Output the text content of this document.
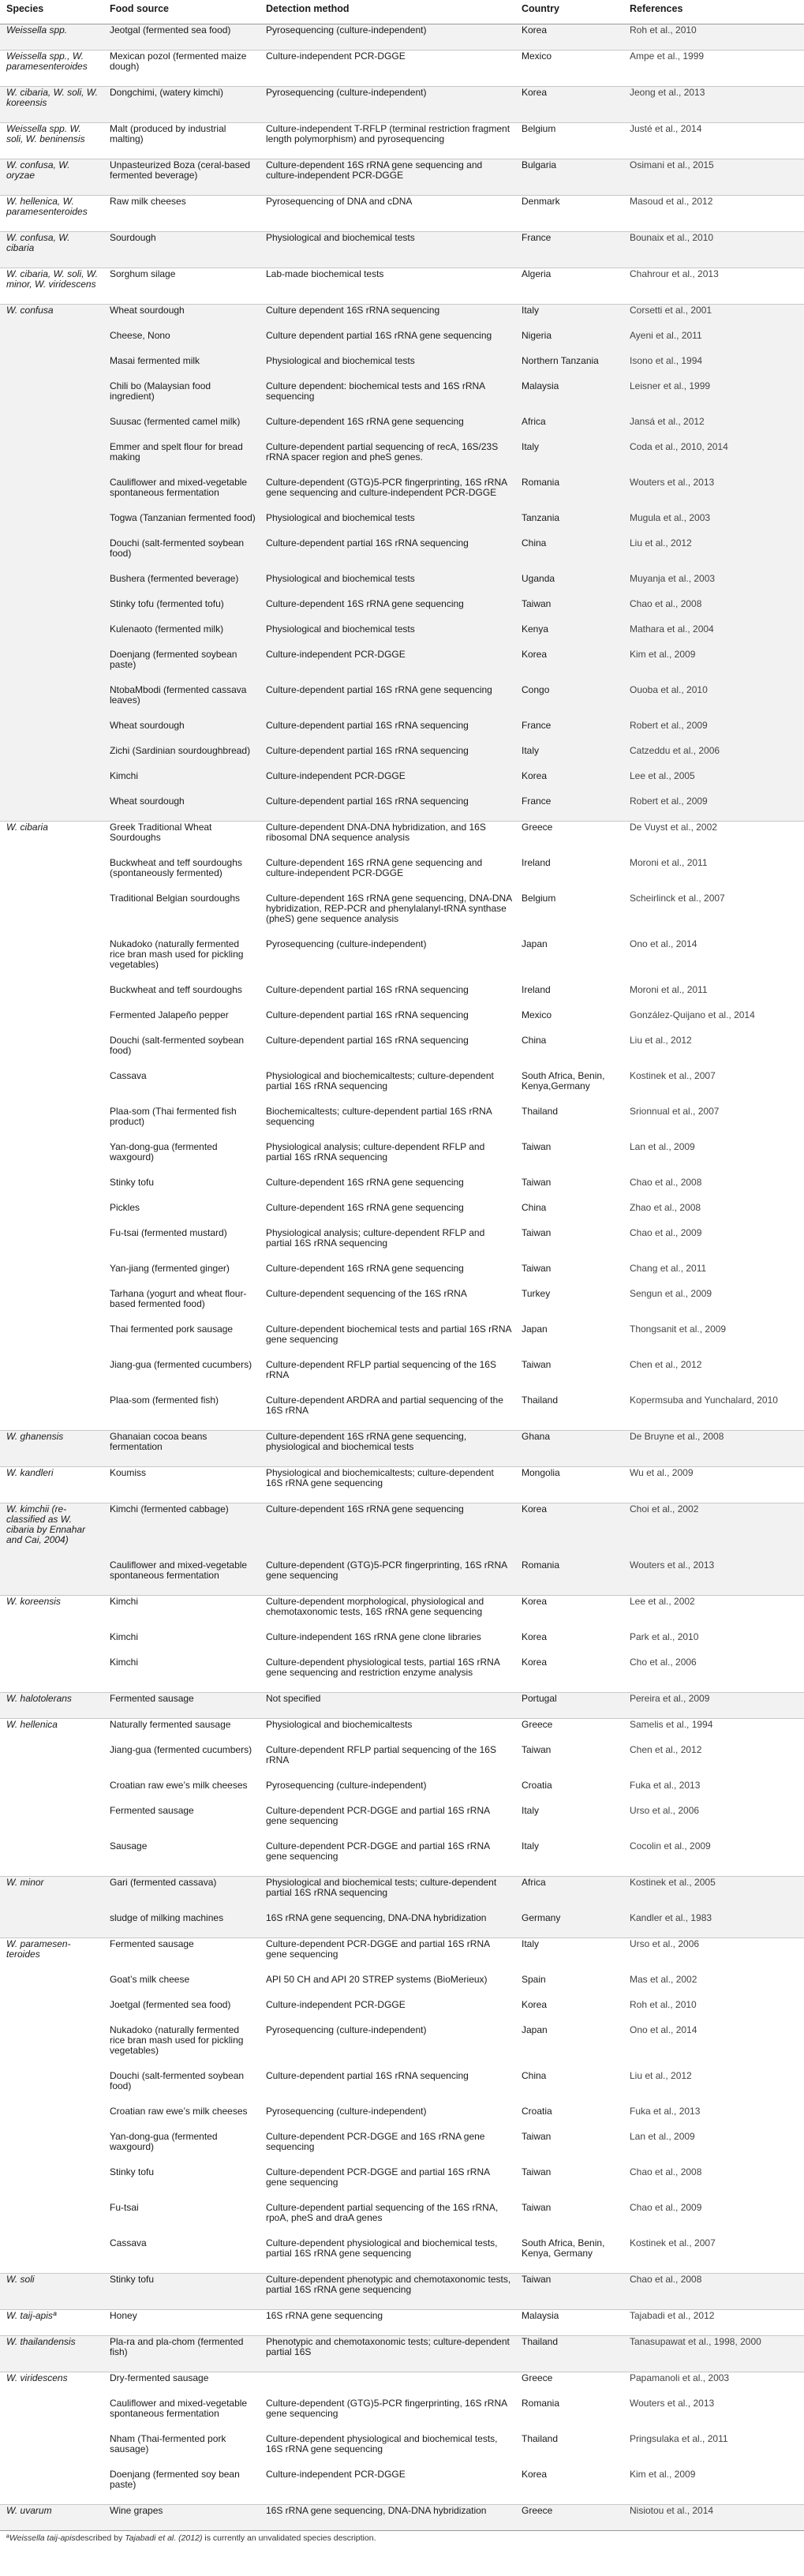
Species	Food source	Detection method	Country	References
Weissella spp.	Jeotgal (fermented sea food)	Pyrosequencing (culture-independent)	Korea	Roh et al., 2010
Weissella spp., W. paramesenteroides	Mexican pozol (fermented maize dough)	Culture-independent PCR-DGGE	Mexico	Ampe et al., 1999
W. cibaria, W. soli, W. koreensis	Dongchimi, (watery kimchi)	Pyrosequencing (culture-independent)	Korea	Jeong et al., 2013
Weissella spp. W. soli, W. beninensis	Malt (produced by industrial malting)	Culture-independent T-RFLP (terminal restriction fragment length polymorphism) and pyrosequencing	Belgium	Justé et al., 2014
W. confusa, W. oryzae	Unpasteurized Boza (ceral-based fermented beverage)	Culture-dependent 16S rRNA gene sequencing and culture-independent PCR-DGGE	Bulgaria	Osimani et al., 2015
W. hellenica, W. paramesenteroides	Raw milk cheeses	Pyrosequencing of DNA and cDNA	Denmark	Masoud et al., 2012
W. confusa, W. cibaria	Sourdough	Physiological and biochemical tests	France	Bounaix et al., 2010
W. cibaria, W. soli, W. minor, W. viridescens	Sorghum silage	Lab-made biochemical tests	Algeria	Chahrour et al., 2013
W. confusa	Wheat sourdough	Culture dependent 16S rRNA sequencing	Italy	Corsetti et al., 2001
	Cheese, Nono	Culture dependent partial 16S rRNA gene sequencing	Nigeria	Ayeni et al., 2011
	Masai fermented milk	Physiological and biochemical tests	Northern Tanzania	Isono et al., 1994
	Chili bo (Malaysian food ingredient)	Culture dependent: biochemical tests and 16S rRNA sequencing	Malaysia	Leisner et al., 1999
	Suusac (fermented camel milk)	Culture-dependent 16S rRNA gene sequencing	Africa	Jansá et al., 2012
	Emmer and spelt flour for bread making	Culture-dependent partial sequencing of recA, 16S/23S rRNA spacer region and pheS genes.	Italy	Coda et al., 2010, 2014
	Cauliflower and mixed-vegetable spontaneous fermentation	Culture-dependent (GTG)5-PCR fingerprinting, 16S rRNA gene sequencing and culture-independent PCR-DGGE	Romania	Wouters et al., 2013
	Togwa (Tanzanian fermented food)	Physiological and biochemical tests	Tanzania	Mugula et al., 2003
	Douchi (salt-fermented soybean food)	Culture-dependent partial 16S rRNA sequencing	China	Liu et al., 2012
	Bushera (fermented beverage)	Physiological and biochemical tests	Uganda	Muyanja et al., 2003
	Stinky tofu (fermented tofu)	Culture-dependent 16S rRNA gene sequencing	Taiwan	Chao et al., 2008
	Kulenaoto (fermented milk)	Physiological and biochemical tests	Kenya	Mathara et al., 2004
	Doenjang (fermented soybean paste)	Culture-independent PCR-DGGE	Korea	Kim et al., 2009
	NtobaMbodi (fermented cassava leaves)	Culture-dependent partial 16S rRNA gene sequencing	Congo	Ouoba et al., 2010
	Wheat sourdough	Culture-dependent partial 16S rRNA sequencing	France	Robert et al., 2009
	Zichi (Sardinian sourdoughbread)	Culture-dependent partial 16S rRNA sequencing	Italy	Catzeddu et al., 2006
	Kimchi	Culture-independent PCR-DGGE	Korea	Lee et al., 2005
	Wheat sourdough	Culture-dependent partial 16S rRNA sequencing	France	Robert et al., 2009
W. cibaria	Greek Traditional Wheat Sourdoughs	Culture-dependent DNA-DNA hybridization, and 16S ribosomal DNA sequence analysis	Greece	De Vuyst et al., 2002
	Buckwheat and teff sourdoughs (spontaneously fermented)	Culture-dependent 16S rRNA gene sequencing and culture-independent PCR-DGGE	Ireland	Moroni et al., 2011
	Traditional Belgian sourdoughs	Culture-dependent 16S rRNA gene sequencing, DNA-DNA hybridization, REP-PCR and phenylalanyl-tRNA synthase (pheS) gene sequence analysis	Belgium	Scheirlinck et al., 2007
	Nukadoko (naturally fermented rice bran mash used for pickling vegetables)	Pyrosequencing (culture-independent)	Japan	Ono et al., 2014
	Buckwheat and teff sourdoughs	Culture-dependent partial 16S rRNA sequencing	Ireland	Moroni et al., 2011
	Fermented Jalapeño pepper	Culture-dependent partial 16S rRNA sequencing	Mexico	González-Quijano et al., 2014
	Douchi (salt-fermented soybean food)	Culture-dependent partial 16S rRNA sequencing	China	Liu et al., 2012
	Cassava	Physiological and biochemicaltests; culture-dependent partial 16S rRNA sequencing	South Africa, Benin, Kenya,Germany	Kostinek et al., 2007
	Plaa-som (Thai fermented fish product)	Biochemicaltests; culture-dependent partial 16S rRNA sequencing	Thailand	Srionnual et al., 2007
	Yan-dong-gua (fermented waxgourd)	Physiological analysis; culture-dependent RFLP and partial 16S rRNA sequencing	Taiwan	Lan et al., 2009
	Stinky tofu	Culture-dependent 16S rRNA gene sequencing	Taiwan	Chao et al., 2008
	Pickles	Culture-dependent 16S rRNA gene sequencing	China	Zhao et al., 2008
	Fu-tsai (fermented mustard)	Physiological analysis; culture-dependent RFLP and partial 16S rRNA sequencing	Taiwan	Chao et al., 2009
	Yan-jiang (fermented ginger)	Culture-dependent 16S rRNA gene sequencing	Taiwan	Chang et al., 2011
	Tarhana (yogurt and wheat flour-based fermented food)	Culture-dependent sequencing of the 16S rRNA	Turkey	Sengun et al., 2009
	Thai fermented pork sausage	Culture-dependent biochemical tests and partial 16S rRNA gene sequencing	Japan	Thongsanit et al., 2009
	Jiang-gua (fermented cucumbers)	Culture-dependent RFLP partial sequencing of the 16S rRNA	Taiwan	Chen et al., 2012
	Plaa-som (fermented fish)	Culture-dependent ARDRA and partial sequencing of the 16S rRNA	Thailand	Kopermsuba and Yunchalard, 2010
W. ghanensis	Ghanaian cocoa beans fermentation	Culture-dependent 16S rRNA gene sequencing, physiological and biochemical tests	Ghana	De Bruyne et al., 2008
W. kandleri	Koumiss	Physiological and biochemicaltests; culture-dependent 16S rRNA gene sequencing	Mongolia	Wu et al., 2009
W. kimchii (re-classified as W. cibaria by Ennahar and Cai, 2004)	Kimchi (fermented cabbage)	Culture-dependent 16S rRNA gene sequencing	Korea	Choi et al., 2002
	Cauliflower and mixed-vegetable spontaneous fermentation	Culture-dependent (GTG)5-PCR fingerprinting, 16S rRNA gene sequencing	Romania	Wouters et al., 2013
W. koreensis	Kimchi	Culture-dependent morphological, physiological and chemotaxonomic tests, 16S rRNA gene sequencing	Korea	Lee et al., 2002
	Kimchi	Culture-independent 16S rRNA gene clone libraries	Korea	Park et al., 2010
	Kimchi	Culture-dependent physiological tests, partial 16S rRNA gene sequencing and restriction enzyme analysis	Korea	Cho et al., 2006
W. halotolerans	Fermented sausage	Not specified	Portugal	Pereira et al., 2009
W. hellenica	Naturally fermented sausage	Physiological and biochemicaltests	Greece	Samelis et al., 1994
	Jiang-gua (fermented cucumbers)	Culture-dependent RFLP partial sequencing of the 16S rRNA	Taiwan	Chen et al., 2012
	Croatian raw ewe’s milk cheeses	Pyrosequencing (culture-independent)	Croatia	Fuka et al., 2013
	Fermented sausage	Culture-dependent PCR-DGGE and partial 16S rRNA gene sequencing	Italy	Urso et al., 2006
	Sausage	Culture-dependent PCR-DGGE and partial 16S rRNA gene sequencing	Italy	Cocolin et al., 2009
W. minor	Gari (fermented cassava)	Physiological and biochemical tests; culture-dependent partial 16S rRNA sequencing	Africa	Kostinek et al., 2005
	sludge of milking machines	16S rRNA gene sequencing, DNA-DNA hybridization	Germany	Kandler et al., 1983
W. paramesen-teroides	Fermented sausage	Culture-dependent PCR-DGGE and partial 16S rRNA gene sequencing	Italy	Urso et al., 2006
	Goat’s milk cheese	API 50 CH and API 20 STREP systems (BioMerieux)	Spain	Mas et al., 2002
	Joetgal (fermented sea food)	Culture-independent PCR-DGGE	Korea	Roh et al., 2010
	Nukadoko (naturally fermented rice bran mash used for pickling vegetables)	Pyrosequencing (culture-independent)	Japan	Ono et al., 2014
	Douchi (salt-fermented soybean food)	Culture-dependent partial 16S rRNA sequencing	China	Liu et al., 2012
	Croatian raw ewe’s milk cheeses	Pyrosequencing (culture-independent)	Croatia	Fuka et al., 2013
	Yan-dong-gua (fermented waxgourd)	Culture-dependent PCR-DGGE and 16S rRNA gene sequencing	Taiwan	Lan et al., 2009
	Stinky tofu	Culture-dependent PCR-DGGE and partial 16S rRNA gene sequencing	Taiwan	Chao et al., 2008
	Fu-tsai	Culture-dependent partial sequencing of the 16S rRNA, rpoA, pheS and draA genes	Taiwan	Chao et al., 2009
	Cassava	Culture-dependent physiological and biochemical tests, partial 16S rRNA gene sequencing	South Africa, Benin, Kenya, Germany	Kostinek et al., 2007
W. soli	Stinky tofu	Culture-dependent phenotypic and chemotaxonomic tests, partial 16S rRNA gene sequencing	Taiwan	Chao et al., 2008
W. taij-apisª	Honey	16S rRNA gene sequencing	Malaysia	Tajabadi et al., 2012
W. thailandensis	Pla-ra and pla-chom (fermented fish)	Phenotypic and chemotaxonomic tests; culture-dependent partial 16S	Thailand	Tanasupawat et al., 1998, 2000
W. viridescens	Dry-fermented sausage		Greece	Papamanoli et al., 2003
	Cauliflower and mixed-vegetable spontaneous fermentation	Culture-dependent (GTG)5-PCR fingerprinting, 16S rRNA gene sequencing	Romania	Wouters et al., 2013
	Nham (Thai-fermented pork sausage)	Culture-dependent physiological and biochemical tests, 16S rRNA gene sequencing	Thailand	Pringsulaka et al., 2011
	Doenjang (fermented soy bean paste)	Culture-independent PCR-DGGE	Korea	Kim et al., 2009
W. uvarum	Wine grapes	16S rRNA gene sequencing, DNA-DNA hybridization	Greece	Nisiotou et al., 2014
ªWeissella taij-apisdescribed by Tajabadi et al. (2012) is currently an unvalidated species description.
